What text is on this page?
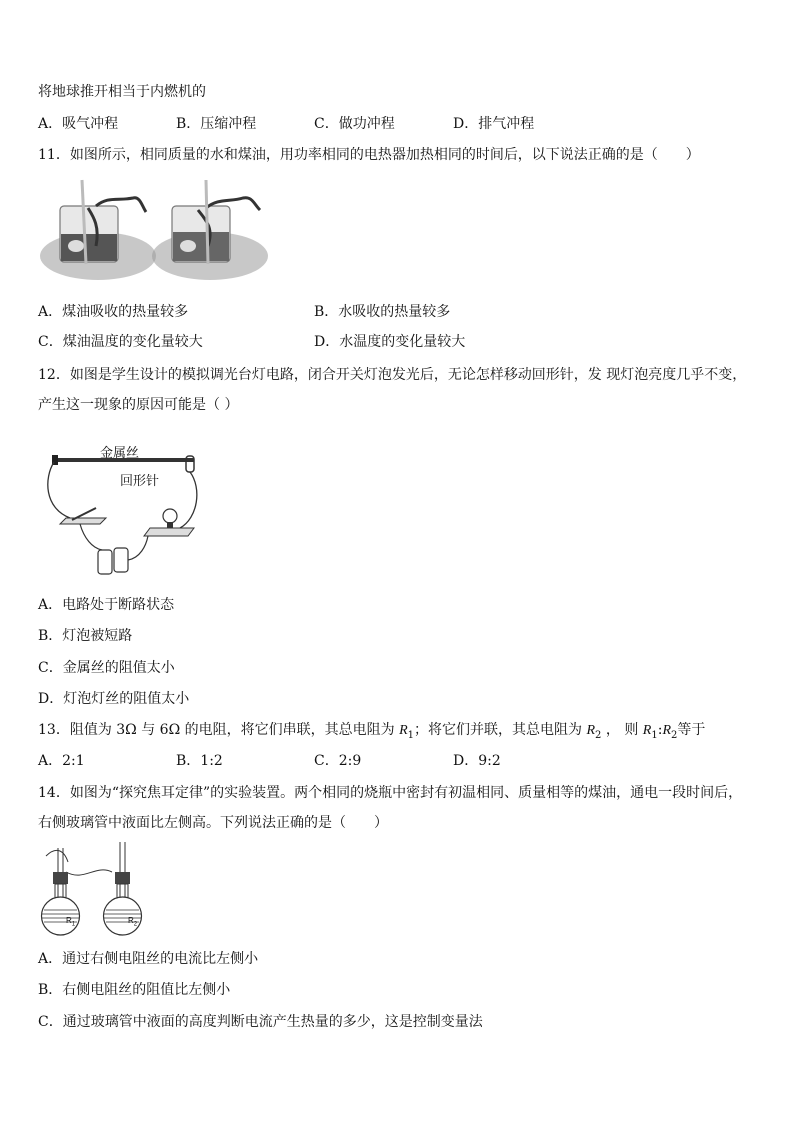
将地球推开相当于内燃机的
A．吸气冲程	B．压缩冲程	C．做功冲程	D．排气冲程
11．如图所示，相同质量的水和煤油，用功率相同的电热器加热相同的时间后，以下说法正确的是（　　）
A．煤油吸收的热量较多	B．水吸收的热量较多
C．煤油温度的变化量较大	D．水温度的变化量较大
12．如图是学生设计的模拟调光台灯电路，闭合开关灯泡发光后，无论怎样移动回形针，发 现灯泡亮度几乎不变，
产生这一现象的原因可能是（ ）
金属丝
回形针
A．电路处于断路状态
B．灯泡被短路
C．金属丝的阻值太小
D．灯泡灯丝的阻值太小
13．阻值为 3Ω 与 6Ω 的电阻，将它们串联，其总电阻为 $R_1$；将它们并联，其总电阻为 $R_2$ ， 则 $R_1:R_2$等于
A．2:1	B．1:2	C．2:9	D．9:2
14．如图为“探究焦耳定律”的实验装置。两个相同的烧瓶中密封有初温相同、质量相等的煤油，通电一段时间后，
右侧玻璃管中液面比左侧高。下列说法正确的是（　　）
$R_1$	$R_2$
A．通过右侧电阻丝的电流比左侧小
B．右侧电阻丝的阻值比左侧小
C．通过玻璃管中液面的高度判断电流产生热量的多少，这是控制变量法
